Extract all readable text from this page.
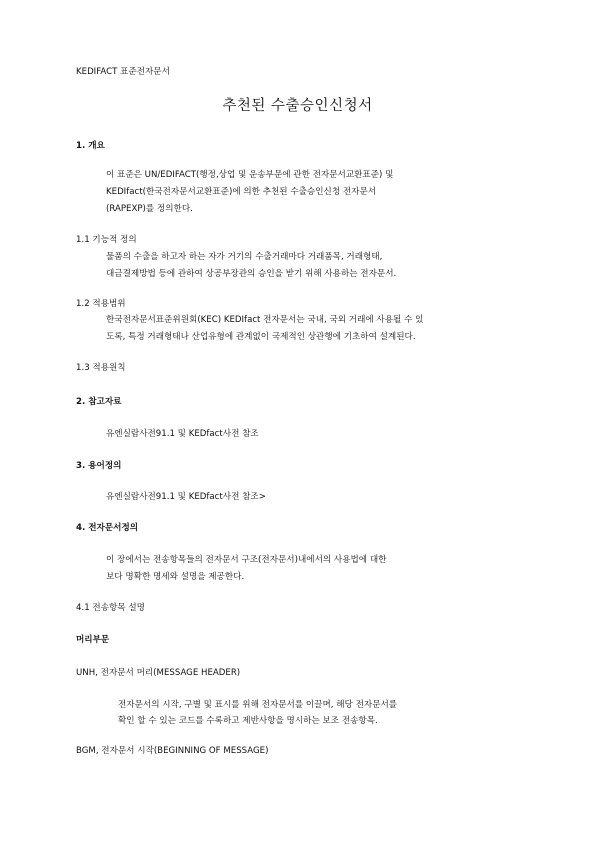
KEDIFACT 표준전자문서
추천된 수출승인신청서
1. 개요
이 표준은 UN/EDIFACT(행정,상업 및 운송부문에 관한 전자문서교환표준) 및
KEDIfact(한국전자문서교환표준)에 의한 추천된 수출승인신청 전자문서
(RAPEXP)를 정의한다.
1.1 기능적 정의
물품의 수출을 하고자 하는 자가 거기의 수출거래마다 거래품목, 거래형태,
대금결제방법 등에 관하여 상공부장관의 승인을 받기 위해 사용하는 전자문서.
1.2 적용범위
한국전자문서표준위원회(KEC) KEDIfact 전자문서는 국내, 국외 거래에 사용될 수 있
도록, 특정 거래형태나 산업유형에 관계없이 국제적인 상관행에 기초하여 설계된다.
1.3 적용원칙
2. 참고자료
유엔실람사전91.1 및 KEDfact사전 참조
3. 용어정의
유엔실람사전91.1 및 KEDfact사전 참조>
4. 전자문서정의
이 장에서는 전송항목들의 전자문서 구조(전자문서)내에서의 사용법에 대한
보다 명확한 명세와 설명을 제공한다.
4.1 전송항목 설명
머리부문
UNH, 전자문서 머리(MESSAGE HEADER)
전자문서의 시작, 구별 및 표시를 위해 전자문서를 이끌며, 해당 전자문서를
확인 할 수 있는 코드를 수록하고 제반사항을 명시하는 보조 전송항목.
BGM, 전자문서 시작(BEGINNING OF MESSAGE)
